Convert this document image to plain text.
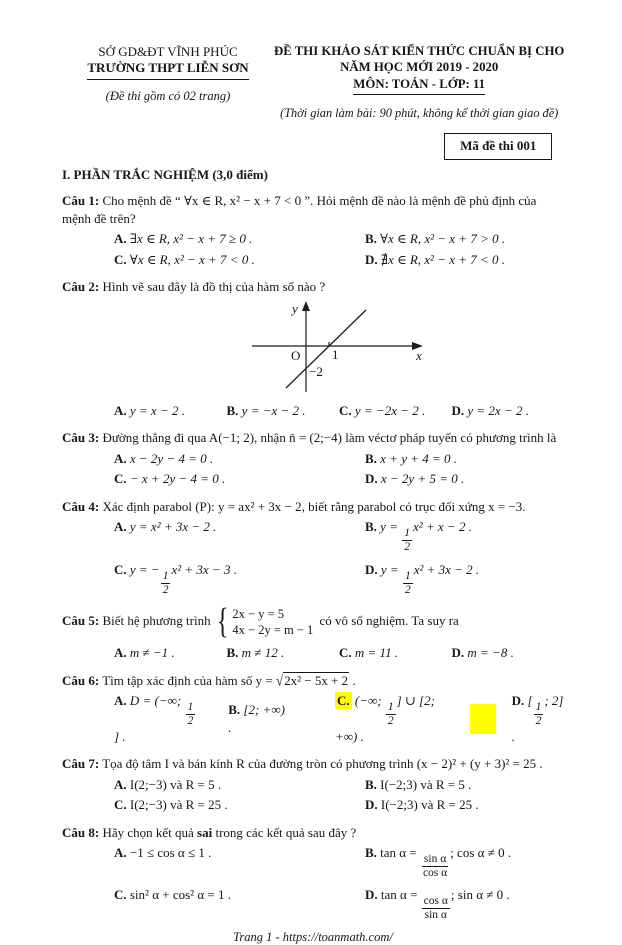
SỞ GD&ĐT VĨNH PHÚC
TRƯỜNG THPT LIỄN SƠN
(Đề thi gồm có 02 trang)
ĐỀ THI KHẢO SÁT KIẾN THỨC CHUẨN BỊ CHO
NĂM HỌC MỚI 2019 - 2020
MÔN: TOÁN - LỚP: 11
(Thời gian làm bài: 90 phút, không kể thời gian giao đề)
Mã đề thi 001
I. PHẦN TRẮC NGHIỆM (3,0 điểm)

Câu 1: Cho mệnh đề “ ∀x ∈ R, x² − x + 7 < 0 ”. Hỏi mệnh đề nào là mệnh đề phủ định của mệnh đề trên?

A. ∃x ∈ R, x² − x + 7 ≥ 0 .	B. ∀x ∈ R, x² − x + 7 > 0 .
C. ∀x ∈ R, x² − x + 7 < 0 .	D. ∄x ∈ R, x² − x + 7 < 0 .

Câu 2: Hình vẽ sau đây là đồ thị của hàm số nào ?

y
x
O 1
−2
A. y = x − 2 .	B. y = −x − 2 .	C. y = −2x − 2 .	D. y = 2x − 2 .

Câu 3: Đường thẳng đi qua A(−1; 2), nhận n̄ = (2;−4) làm véctơ pháp tuyến có phương trình là

A. x − 2y − 4 = 0 .	B. x + y + 4 = 0 .
C. − x + 2y − 4 = 0 .	D. x − 2y + 5 = 0 .

Câu 4: Xác định parabol (P): y = ax² + 3x − 2, biết rằng parabol có trục đối xứng x = −3.

A. y = x² + 3x − 2 .	B. y =
$\frac{1}{2}$
x² + x − 2 .
C. y = −
$\frac{1}{2}$
x² + 3x − 3 .	D. y =
$\frac{1}{2}$
x² + 3x − 2 .

Câu 5: Biết hệ phương trình { 2x − y = 5
4x − 2y = m − 1
có vô số nghiệm. Ta suy ra

A. m ≠ −1 .	B. m ≠ 12 .	C. m = 11 .	D. m = −8 .

Câu 6: Tìm tập xác định của hàm số y = √2x² − 5x + 2 .

A. D = (−∞;
$\frac{1}{2}$
] .
B. [2; +∞) .
C. (−∞;
$\frac{1}{2}$
] ∪ [2; +∞) .
D. [
$\frac{1}{2}$
; 2] .

Câu 7: Tọa độ tâm I và bán kính R của đường tròn có phương trình (x − 2)² + (y + 3)² = 25 .

A. I(2;−3) và R = 5 .	B. I(−2;3) và R = 5 .
C. I(2;−3) và R = 25 .	D. I(−2;3) và R = 25 .

Câu 8: Hãy chọn kết quả sai trong các kết quả sau đây ?

A. −1 ≤ cos α ≤ 1 .	B. tan α =
$\frac{\text{sin α}}{\text{cos α}}$
; cos α ≠ 0 .
C. sin² α + cos² α = 1 .	D. tan α =
$\frac{\text{cos α}}{\text{sin α}}$
; sin α ≠ 0 .
Trang 1 - https://toanmath.com/
